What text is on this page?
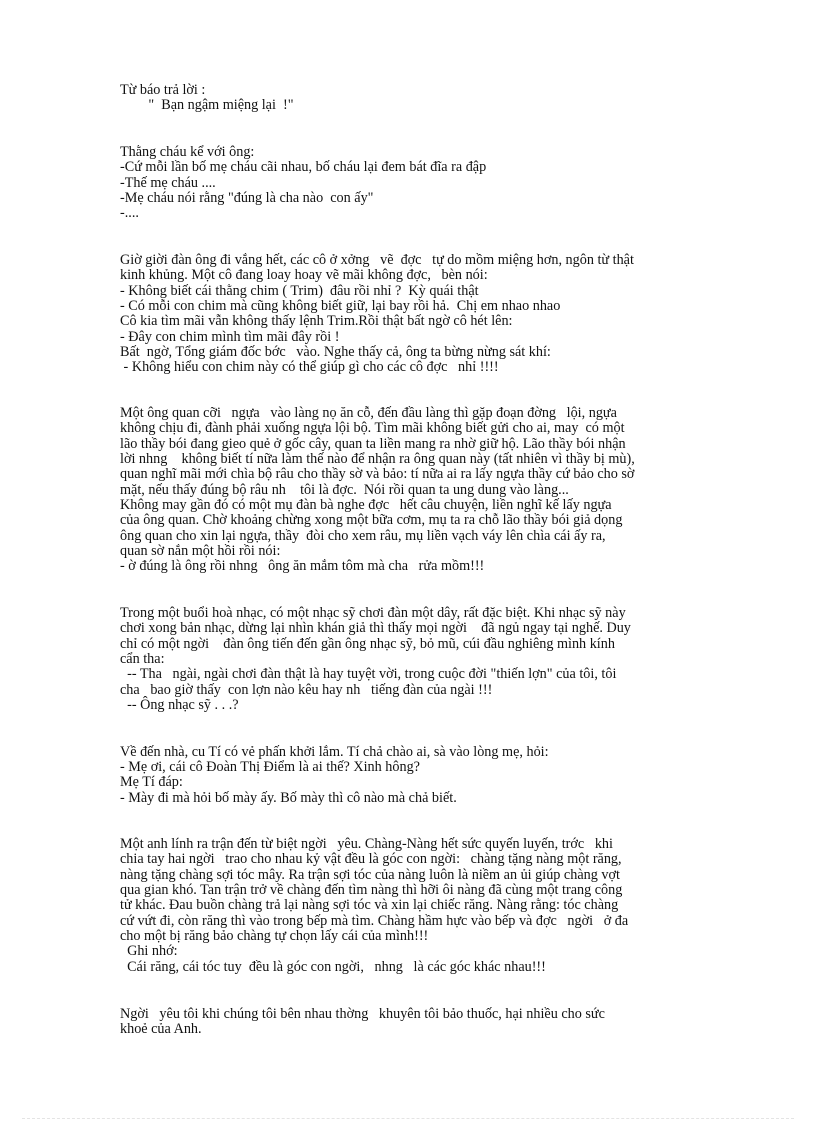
Từ báo trả lời :
"  Bạn ngậm miệng lại  !"
Thằng cháu kể với ông:
-Cứ mỗi lần bố mẹ cháu cãi nhau, bố cháu lại đem bát đĩa ra đập
-Thế mẹ cháu ....
-Mẹ cháu nói rằng "đúng là cha nào  con ấy"
-....
Giờ giời đàn ông đi vắng hết, các cô ở xởng   vẽ  đợc   tự do mồm miệng hơn, ngôn từ thật
kinh khủng. Một cô đang loay hoay vẽ mãi không đợc,   bèn nói:
- Không biết cái thằng chim ( Trim)  đâu rồi nhỉ ?  Kỳ quái thật
- Có mỗi con chim mà cũng không biết giữ, lại bay rồi hả.  Chị em nhao nhao
Cô kia tìm mãi vẫn không thấy lệnh Trim.Rồi thật bất ngờ cô hét lên:
- Đây con chim mình tìm mãi đây rồi !
Bất  ngờ, Tổng giám đốc bớc   vào. Nghe thấy cả, ông ta bừng nừng sát khí:
- Không hiểu con chim này có thể giúp gì cho các cô đợc   nhỉ !!!!
Một ông quan cỡi   ngựa   vào làng nọ ăn cỗ, đến đầu làng thì gặp đoạn đờng   lội, ngựa
không chịu đi, đành phải xuống ngựa lội bộ. Tìm mãi không biết gửi cho ai, may  có một
lão thầy bói đang gieo quẻ ở gốc cây, quan ta liền mang ra nhờ giữ hộ. Lão thầy bói nhận
lời nhng    không biết tí nữa làm thế nào để nhận ra ông quan này (tất nhiên vì thầy bị mù),
quan nghĩ mãi mới chìa bộ râu cho thầy sờ và bảo: tí nữa ai ra lấy ngựa thầy cứ bảo cho sờ
mặt, nếu thấy đúng bộ râu nh    tôi là đợc.  Nói rồi quan ta ung dung vào làng...
Không may gần đó có một mụ đàn bà nghe đợc   hết câu chuyện, liền nghĩ kế lấy ngựa
của ông quan. Chờ khoảng chừng xong một bữa cơm, mụ ta ra chỗ lão thầy bói giả dọng
ông quan cho xin lại ngựa, thầy  đòi cho xem râu, mụ liền vạch váy lên chìa cái ấy ra,
quan sờ nắn một hồi rồi nói:
- ờ đúng là ông rồi nhng   ông ăn mắm tôm mà cha   rửa mồm!!!
Trong một buổi hoà nhạc, có một nhạc sỹ chơi đàn một dây, rất đặc biệt. Khi nhạc sỹ này
chơi xong bản nhạc, dừng lại nhìn khán giả thì thấy mọi ngời    đã ngủ ngay tại nghế. Duy
chỉ có một ngời    đàn ông tiến đến gần ông nhạc sỹ, bỏ mũ, cúi đầu nghiêng mình kính
cẩn tha:
-- Tha   ngài, ngài chơi đàn thật là hay tuyệt vời, trong cuộc đời "thiến lợn" của tôi, tôi
cha   bao giờ thấy  con lợn nào kêu hay nh   tiếng đàn của ngài !!!
-- Ông nhạc sỹ . . .?
Về đến nhà, cu Tí có vẻ phấn khởi lắm. Tí chả chào ai, sà vào lòng mẹ, hỏi:
- Mẹ ơi, cái cô Đoàn Thị Điểm là ai thế? Xinh hông?
Mẹ Tí đáp:
- Mày đi mà hỏi bố mày ấy. Bố mày thì cô nào mà chả biết.
Một anh lính ra trận đến từ biệt ngời   yêu. Chàng-Nàng hết sức quyến luyến, trớc   khi
chia tay hai ngời   trao cho nhau kỷ vật đều là góc con ngời:   chàng tặng nàng một răng,
nàng tặng chàng sợi tóc mây. Ra trận sợi tóc của nàng luôn là niềm an ủi giúp chàng vợt
qua gian khó. Tan trận trở về chàng đến tìm nàng thì hỡi ôi nàng đã cùng một trang công
tử khác. Đau buồn chàng trả lại nàng sợi tóc và xin lại chiếc răng. Nàng rằng: tóc chàng
cứ vứt đi, còn răng thì vào trong bếp mà tìm. Chàng hầm hực vào bếp và đợc   ngời   ở đa
cho một bị răng bảo chàng tự chọn lấy cái của mình!!!
Ghi nhớ:
Cái răng, cái tóc tuy  đều là góc con ngời,   nhng   là các góc khác nhau!!!
Ngời   yêu tôi khi chúng tôi bên nhau thờng   khuyên tôi bảo thuốc, hại nhiều cho sức
khoẻ của Anh.
